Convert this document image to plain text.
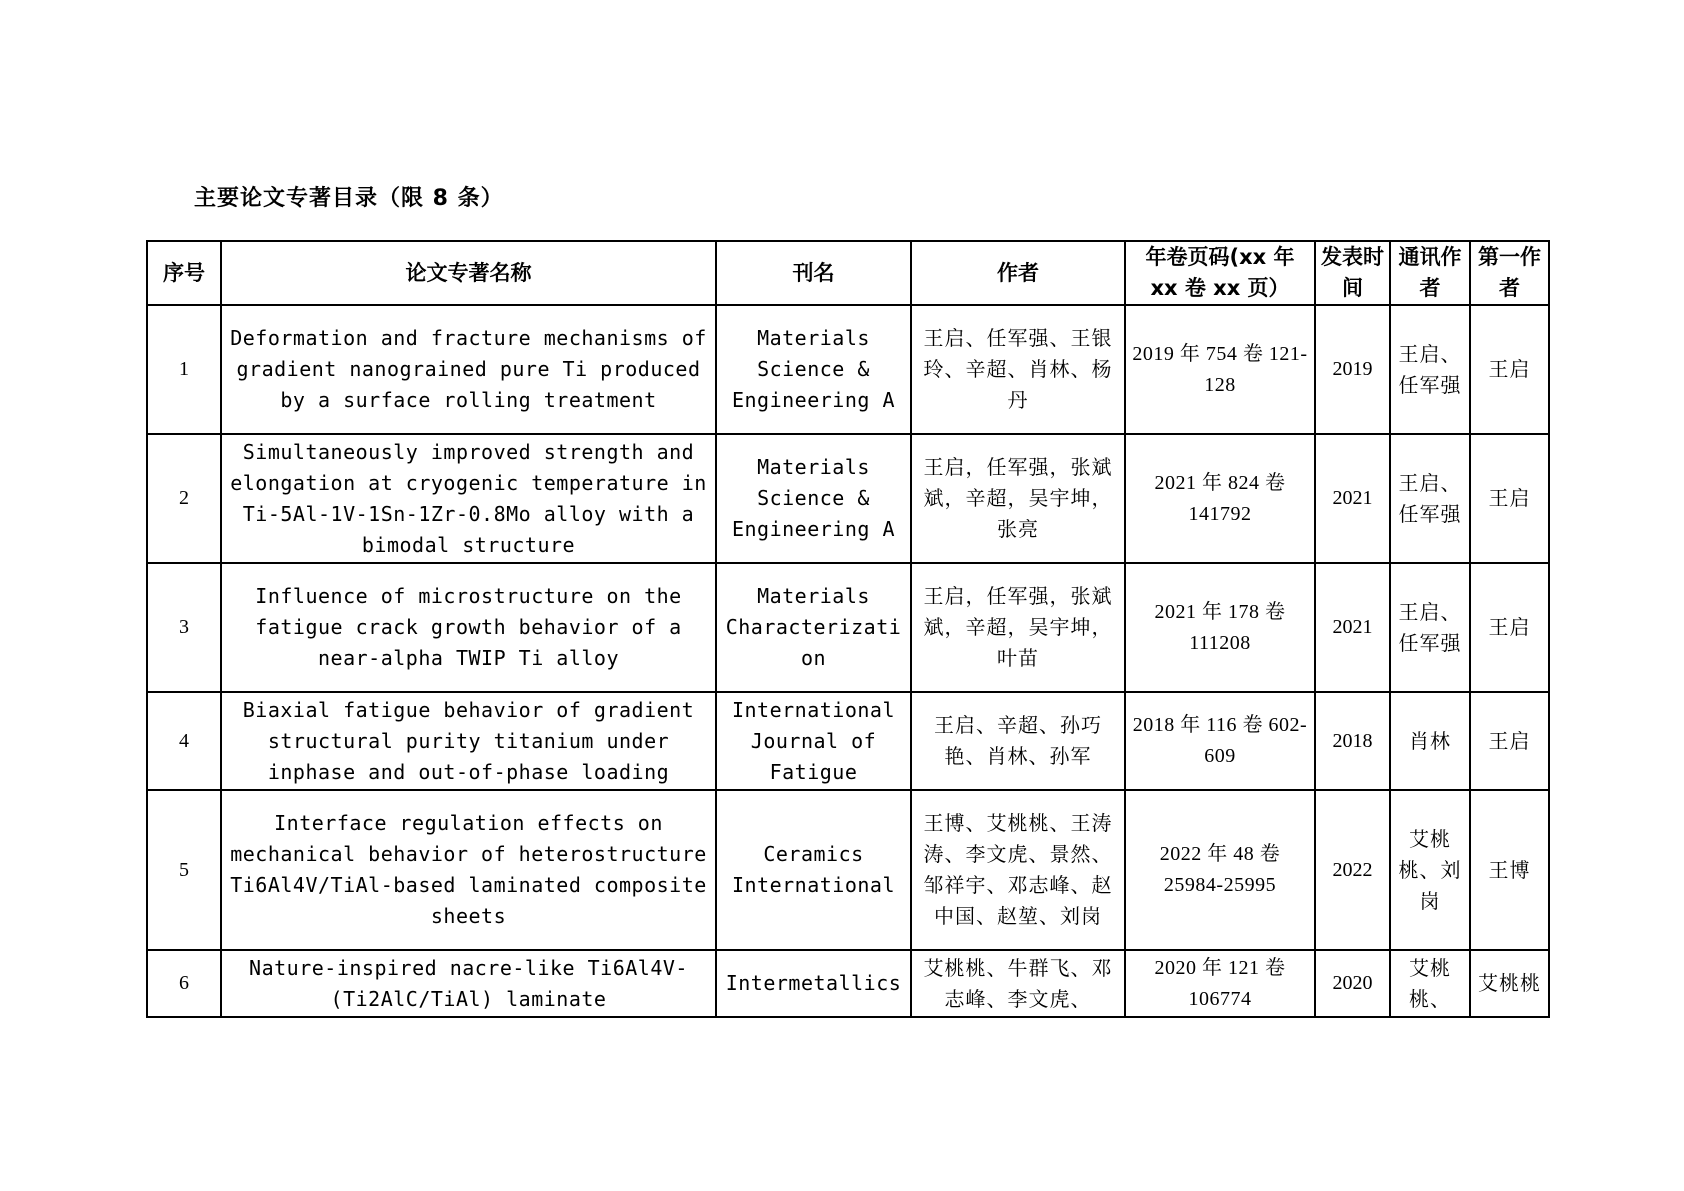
主要论文专著目录（限 8 条）
序号	论文专著名称	刊名	作者	年卷页码(xx 年 xx 卷 xx 页）	发表时间	通讯作者	第一作者
1	Deformation and fracture mechanisms of gradient nanograined pure Ti produced by a surface rolling treatment	Materials Science & Engineering A	王启、任军强、王银玲、辛超、肖林、杨丹	2019 年 754 卷 121-128	2019	王启、任军强	王启
2	Simultaneously improved strength and elongation at cryogenic temperature in Ti-5Al-1V-1Sn-1Zr-0.8Mo alloy with a bimodal structure	Materials Science & Engineering A	王启，任军强，张斌斌，辛超，吴宇坤，张亮	2021 年 824 卷 141792	2021	王启、任军强	王启
3	Influence of microstructure on the fatigue crack growth behavior of a near-alpha TWIP Ti alloy	Materials Characterization	王启，任军强，张斌斌，辛超，吴宇坤，叶苗	2021 年 178 卷 111208	2021	王启、任军强	王启
4	Biaxial fatigue behavior of gradient structural purity titanium under inphase and out-of-phase loading	International Journal of Fatigue	王启、辛超、孙巧艳、肖林、孙军	2018 年 116 卷 602-609	2018	肖林	王启
5	Interface regulation effects on mechanical behavior of heterostructure Ti6Al4V/TiAl-based laminated composite sheets	Ceramics International	王博、艾桃桃、王涛涛、李文虎、景然、邹祥宇、邓志峰、赵中国、赵堃、刘岗	2022 年 48 卷 25984-25995	2022	艾桃桃、刘岗	王博
6	Nature-inspired nacre-like Ti6Al4V-(Ti2AlC/TiAl) laminate	Intermetallics	艾桃桃、牛群飞、邓志峰、李文虎、	2020 年 121 卷 106774	2020	艾桃桃、	艾桃桃
